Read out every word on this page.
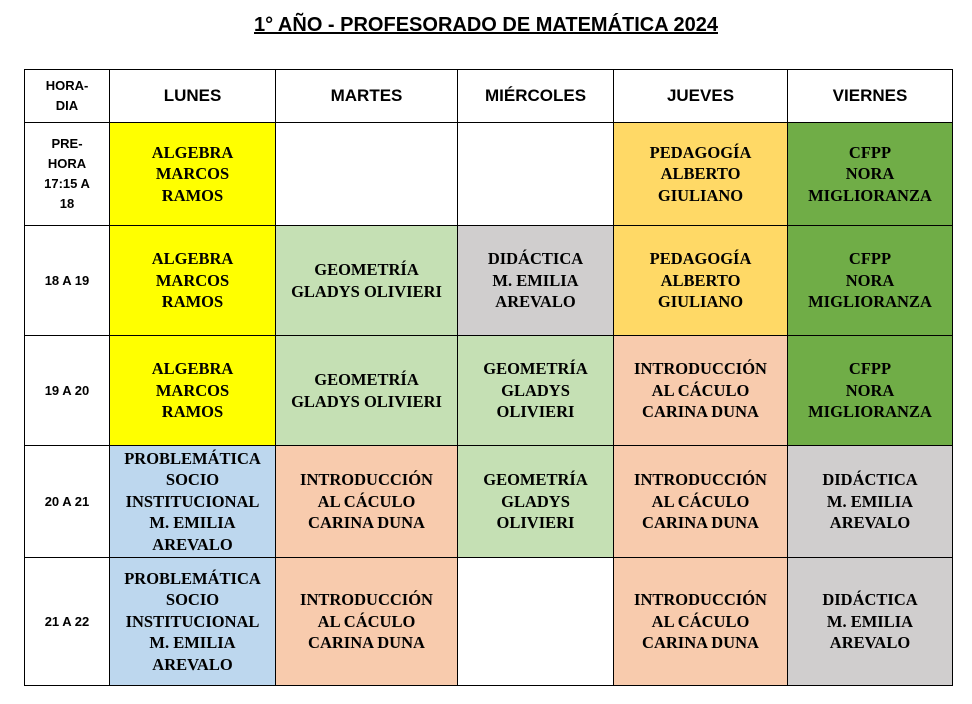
1° AÑO - PROFESORADO DE MATEMÁTICA 2024
HORA-
DIA	LUNES	MARTES	MIÉRCOLES	JUEVES	VIERNES

PRE-
HORA
17:15 A
18	ALGEBRA
MARCOS
RAMOS			PEDAGOGÍA
ALBERTO
GIULIANO	CFPP
NORA
MIGLIORANZA

18 A 19	ALGEBRA
MARCOS
RAMOS	GEOMETRÍA
GLADYS OLIVIERI	DIDÁCTICA
M. EMILIA
AREVALO	PEDAGOGÍA
ALBERTO
GIULIANO	CFPP
NORA
MIGLIORANZA

19 A 20	ALGEBRA
MARCOS
RAMOS	GEOMETRÍA
GLADYS OLIVIERI	GEOMETRÍA
GLADYS
OLIVIERI	INTRODUCCIÓN
AL CÁCULO
CARINA DUNA	CFPP
NORA
MIGLIORANZA

20 A 21	PROBLEMÁTICA
SOCIO
INSTITUCIONAL
M. EMILIA
AREVALO	INTRODUCCIÓN
AL CÁCULO
CARINA DUNA	GEOMETRÍA
GLADYS
OLIVIERI	INTRODUCCIÓN
AL CÁCULO
CARINA DUNA	DIDÁCTICA
M. EMILIA
AREVALO

21 A 22	PROBLEMÁTICA
SOCIO
INSTITUCIONAL
M. EMILIA
AREVALO	INTRODUCCIÓN
AL CÁCULO
CARINA DUNA		INTRODUCCIÓN
AL CÁCULO
CARINA DUNA	DIDÁCTICA
M. EMILIA
AREVALO
